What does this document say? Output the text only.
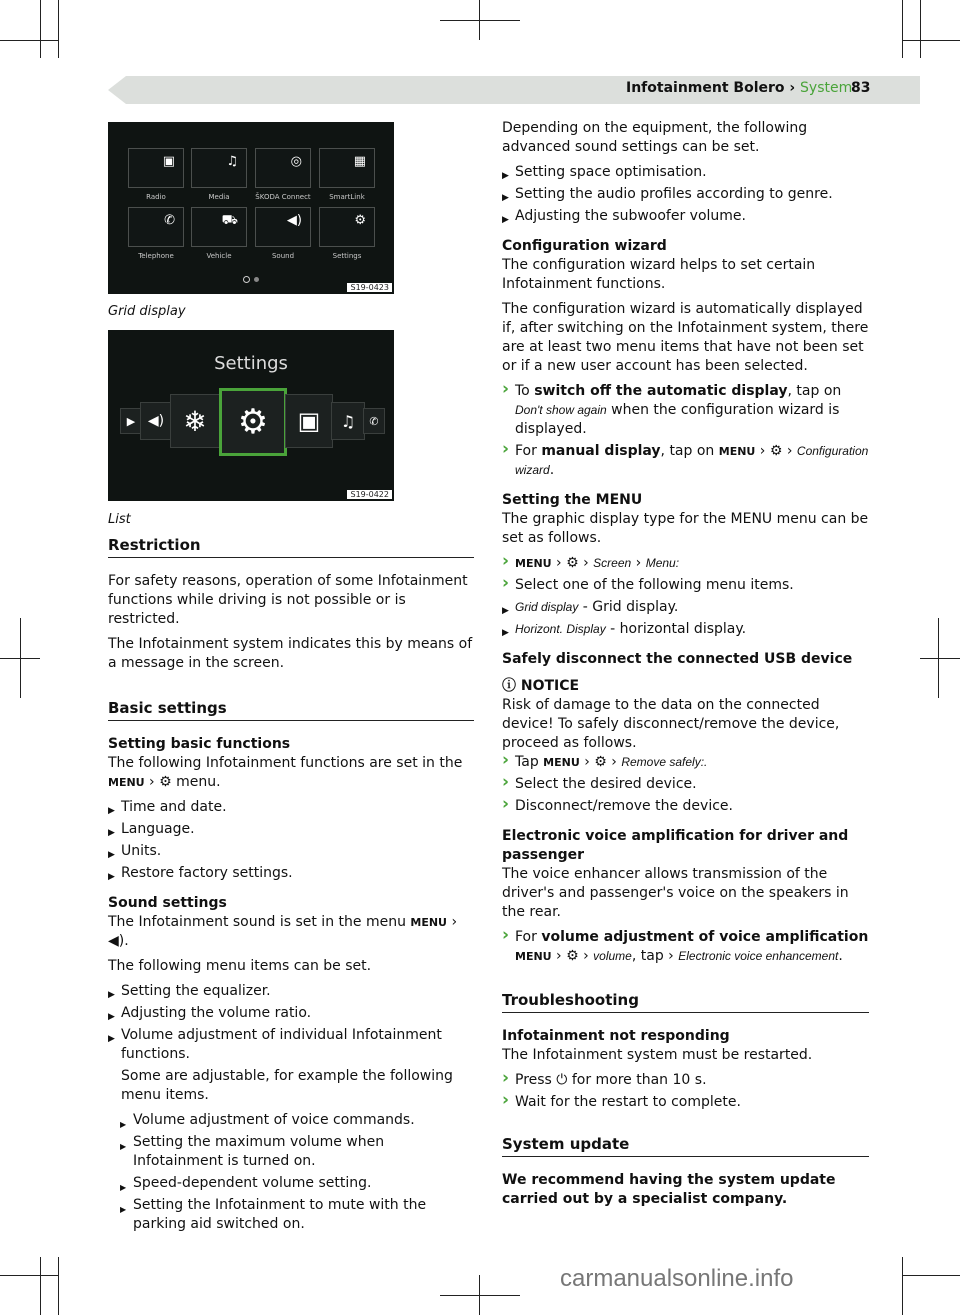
Infotainment Bolero › System
83
▣	♫	◎	▦
Radio	Media	ŠKODA Connect	SmartLink
✆	⛟	◀)	⚙
Telephone	Vehicle	Sound	Settings
S19-0423
Grid display
Settings
▶ ◀) ❄ ⚙	▣	♫	✆
S19-0422
List
Restriction

For safety reasons, operation of some Infotainment functions while driving is not possible or is restricted.

The Infotainment system indicates this by means of a message in the screen.

Basic settings
Setting basic functions

The following Infotainment functions are set in the MENU › ⚙ menu.

▶ Time and date.
▶ Language.
▶ Units.
▶ Restore factory settings.
Sound settings

The Infotainment sound is set in the menu MENU › ◀).

The following menu items can be set.

▶ Setting the equalizer.
▶ Adjusting the volume ratio.
▶ Volume adjustment of individual Infotainment functions.

Some are adjustable, for example the following menu items.

▶ Volume adjustment of voice commands.
▶ Setting the maximum volume when Infotainment is turned on.
▶ Speed-dependent volume setting.
▶ Setting the Infotainment to mute with the parking aid switched on.

Depending on the equipment, the following advanced sound settings can be set.

▶ Setting space optimisation.
▶ Setting the audio profiles according to genre.
▶ Adjusting the subwoofer volume.
Configuration wizard

The configuration wizard helps to set certain Infotainment functions.

The configuration wizard is automatically displayed if, after switching on the Infotainment system, there are at least two menu items that have not been set or if a new user account has been selected.

› To switch off the automatic display, tap on Don't show again when the configuration wizard is displayed.
› For manual display, tap on MENU › ⚙ › Configuration wizard.
Setting the MENU

The graphic display type for the MENU menu can be set as follows.

› MENU › ⚙ › Screen › Menu:
› Select one of the following menu items.
▶ Grid display - Grid display.
▶ Horizont. Display - horizontal display.
Safely disconnect the connected USB device
ⓘ NOTICE
Risk of damage to the data on the connected device! To safely disconnect/remove the device, proceed as follows.
› Tap MENU › ⚙ › Remove safely:.
› Select the desired device.
› Disconnect/remove the device.
Electronic voice amplification for driver and passenger

The voice enhancer allows transmission of the driver's and passenger's voice on the speakers in the rear.

› For volume adjustment of voice amplification
MENU › ⚙ › volume, tap › Electronic voice enhancement.
Troubleshooting
Infotainment not responding

The Infotainment system must be restarted.

› Press ⏻ for more than 10 s.
› Wait for the restart to complete.
System update
We recommend having the system update carried out by a specialist company.
carmanualsonline.info
